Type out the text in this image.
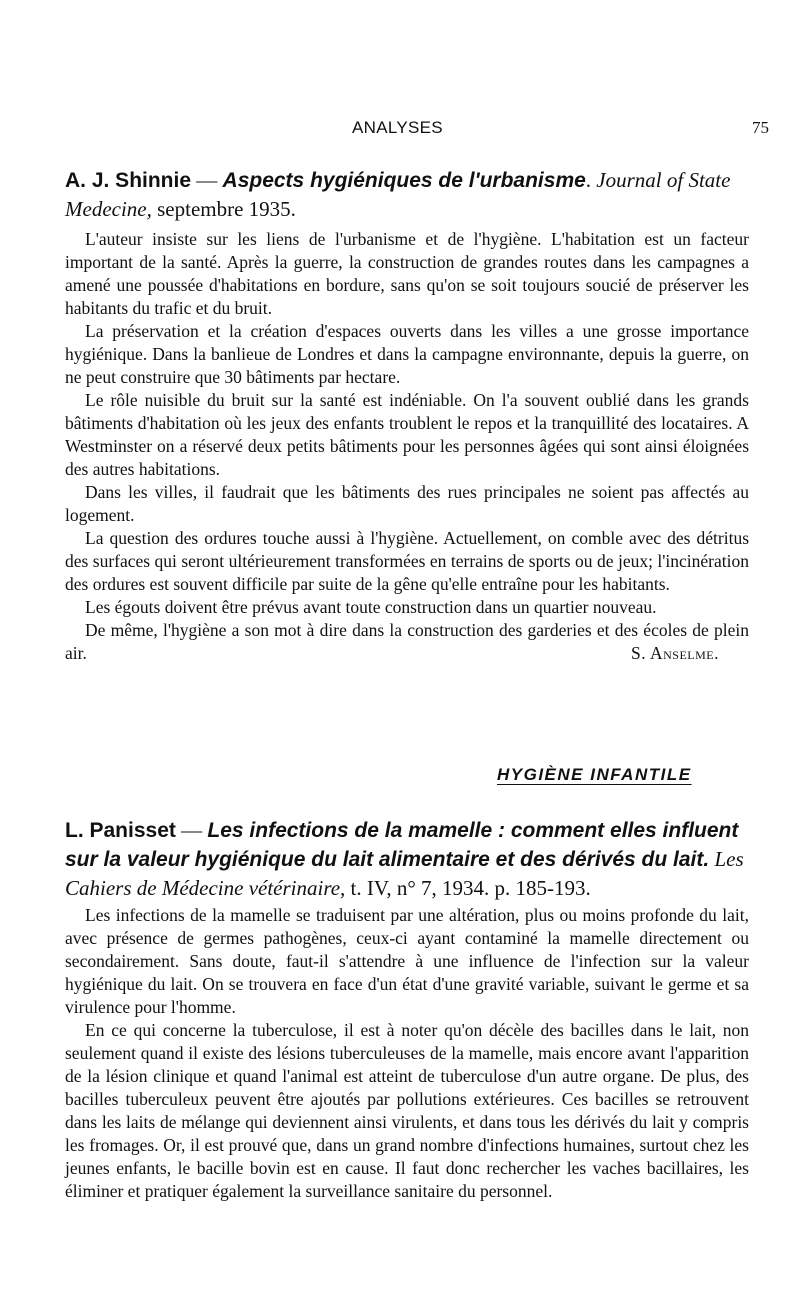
ANALYSES	75
A. J. Shinnie — Aspects hygiéniques de l'urbanisme. Journal of State Medecine, septembre 1935.

L'auteur insiste sur les liens de l'urbanisme et de l'hygiène. L'habitation est un facteur important de la santé. Après la guerre, la construction de grandes routes dans les campagnes a amené une poussée d'habitations en bordure, sans qu'on se soit toujours soucié de préserver les habitants du trafic et du bruit.

La préservation et la création d'espaces ouverts dans les villes a une grosse importance hygiénique. Dans la banlieue de Londres et dans la campagne environnante, depuis la guerre, on ne peut construire que 30 bâtiments par hectare.

Le rôle nuisible du bruit sur la santé est indéniable. On l'a souvent oublié dans les grands bâtiments d'habitation où les jeux des enfants troublent le repos et la tranquillité des locataires. A Westminster on a réservé deux petits bâtiments pour les personnes âgées qui sont ainsi éloignées des autres habitations.

Dans les villes, il faudrait que les bâtiments des rues principales ne soient pas affectés au logement.

La question des ordures touche aussi à l'hygiène. Actuellement, on comble avec des détritus des surfaces qui seront ultérieurement transformées en terrains de sports ou de jeux; l'incinération des ordures est souvent difficile par suite de la gêne qu'elle entraîne pour les habitants.

Les égouts doivent être prévus avant toute construction dans un quartier nouveau.

De même, l'hygiène a son mot à dire dans la construction des garderies et des écoles de plein air.	S. Anselme.

HYGIÈNE INFANTILE
L. Panisset — Les infections de la mamelle : comment elles influent sur la valeur hygiénique du lait alimentaire et des dérivés du lait. Les Cahiers de Médecine vétérinaire, t. IV, n° 7, 1934. p. 185-193.

Les infections de la mamelle se traduisent par une altération, plus ou moins profonde du lait, avec présence de germes pathogènes, ceux-ci ayant contaminé la mamelle directement ou secondairement. Sans doute, faut-il s'attendre à une influence de l'infection sur la valeur hygiénique du lait. On se trouvera en face d'un état d'une gravité variable, suivant le germe et sa virulence pour l'homme.

En ce qui concerne la tuberculose, il est à noter qu'on décèle des bacilles dans le lait, non seulement quand il existe des lésions tuberculeuses de la mamelle, mais encore avant l'apparition de la lésion clinique et quand l'animal est atteint de tuberculose d'un autre organe. De plus, des bacilles tuberculeux peuvent être ajoutés par pollutions extérieures. Ces bacilles se retrouvent dans les laits de mélange qui deviennent ainsi virulents, et dans tous les dérivés du lait y compris les fromages. Or, il est prouvé que, dans un grand nombre d'infections humaines, surtout chez les jeunes enfants, le bacille bovin est en cause. Il faut donc rechercher les vaches bacillaires, les éliminer et pratiquer également la surveillance sanitaire du personnel.
